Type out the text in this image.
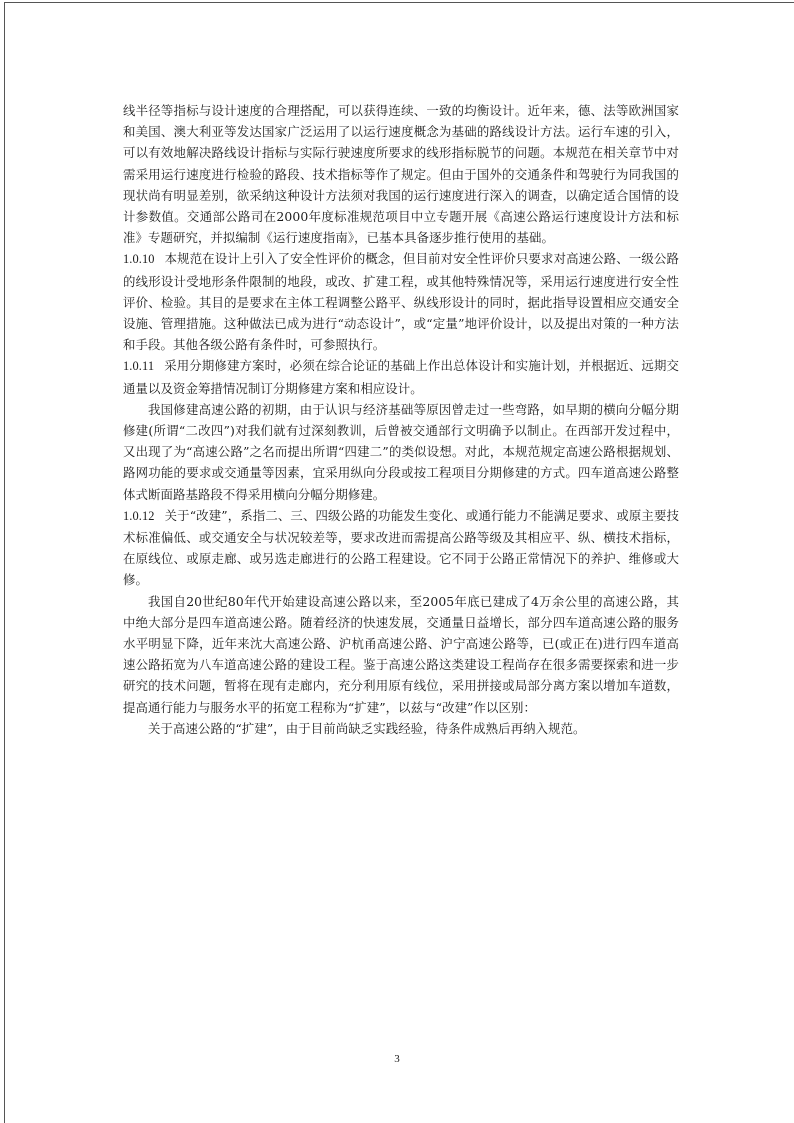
线半径等指标与设计速度的合理搭配，可以获得连续、一致的均衡设计。近年来，德、法等欧洲国家和美国、澳大利亚等发达国家广泛运用了以运行速度概念为基础的路线设计方法。运行车速的引入，可以有效地解决路线设计指标与实际行驶速度所要求的线形指标脱节的问题。本规范在相关章节中对需采用运行速度进行检验的路段、技术指标等作了规定。但由于国外的交通条件和驾驶行为同我国的现状尚有明显差别，欲采纳这种设计方法须对我国的运行速度进行深入的调查，以确定适合国情的设计参数值。交通部公路司在2000年度标准规范项目中立专题开展《高速公路运行速度设计方法和标准》专题研究，并拟编制《运行速度指南》，已基本具备逐步推行使用的基础。

1.0.10 本规范在设计上引入了安全性评价的概念，但目前对安全性评价只要求对高速公路、一级公路的线形设计受地形条件限制的地段，或改、扩建工程，或其他特殊情况等，采用运行速度进行安全性评价、检验。其目的是要求在主体工程调整公路平、纵线形设计的同时，据此指导设置相应交通安全设施、管理措施。这种做法已成为进行“动态设计”，或“定量”地评价设计，以及提出对策的一种方法和手段。其他各级公路有条件时，可参照执行。

1.0.11 采用分期修建方案时，必须在综合论证的基础上作出总体设计和实施计划，并根据近、远期交通量以及资金筹措情况制订分期修建方案和相应设计。

我国修建高速公路的初期，由于认识与经济基础等原因曾走过一些弯路，如早期的横向分幅分期修建(所谓“二改四”)对我们就有过深刻教训，后曾被交通部行文明确予以制止。在西部开发过程中，又出现了为“高速公路”之名而提出所谓“四建二”的类似设想。对此，本规范规定高速公路根据规划、路网功能的要求或交通量等因素，宜采用纵向分段或按工程项目分期修建的方式。四车道高速公路整体式断面路基路段不得采用横向分幅分期修建。

1.0.12 关于“改建”，系指二、三、四级公路的功能发生变化、或通行能力不能满足要求、或原主要技术标准偏低、或交通安全与状况较差等，要求改进而需提高公路等级及其相应平、纵、横技术指标，在原线位、或原走廊、或另选走廊进行的公路工程建设。它不同于公路正常情况下的养护、维修或大修。

我国自20世纪80年代开始建设高速公路以来，至2005年底已建成了4万余公里的高速公路，其中绝大部分是四车道高速公路。随着经济的快速发展，交通量日益增长，部分四车道高速公路的服务水平明显下降，近年来沈大高速公路、沪杭甬高速公路、沪宁高速公路等，已(或正在)进行四车道高速公路拓宽为八车道高速公路的建设工程。鉴于高速公路这类建设工程尚存在很多需要探索和进一步研究的技术问题，暂将在现有走廊内，充分利用原有线位，采用拼接或局部分离方案以增加车道数，提高通行能力与服务水平的拓宽工程称为“扩建”，以兹与“改建”作以区别：

关于高速公路的“扩建”，由于目前尚缺乏实践经验，待条件成熟后再纳入规范。

3
